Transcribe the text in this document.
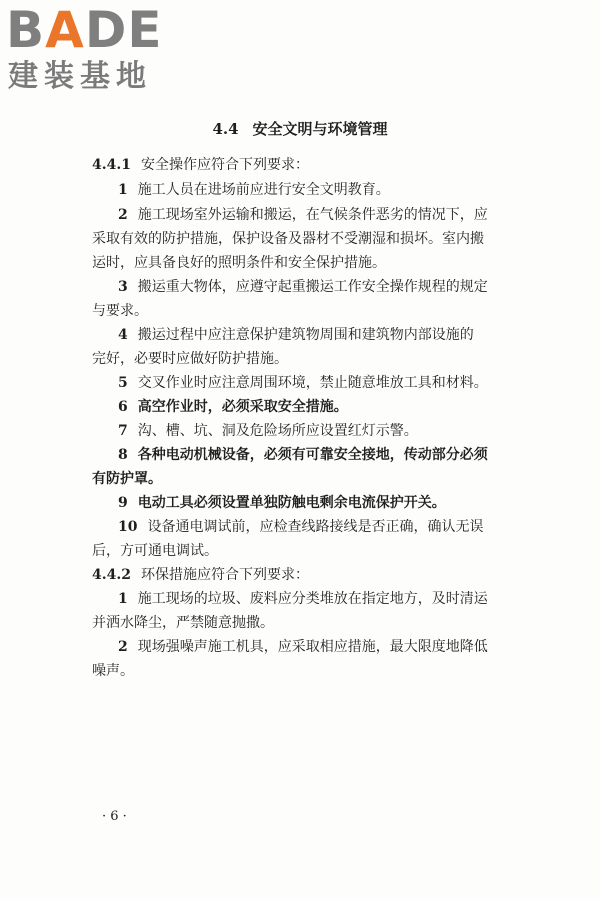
BADE
建装基地
4.4 安全文明与环境管理
4.4.1 安全操作应符合下列要求：
1 施工人员在进场前应进行安全文明教育。
2 施工现场室外运输和搬运，在气候条件恶劣的情况下，应
采取有效的防护措施，保护设备及器材不受潮湿和损坏。室内搬
运时，应具备良好的照明条件和安全保护措施。
3 搬运重大物体，应遵守起重搬运工作安全操作规程的规定
与要求。
4 搬运过程中应注意保护建筑物周围和建筑物内部设施的
完好，必要时应做好防护措施。
5 交叉作业时应注意周围环境，禁止随意堆放工具和材料。
6 高空作业时，必须采取安全措施。
7 沟、槽、坑、洞及危险场所应设置红灯示警。
8 各种电动机械设备，必须有可靠安全接地，传动部分必须
有防护罩。
9 电动工具必须设置单独防触电剩余电流保护开关。
10 设备通电调试前，应检查线路接线是否正确，确认无误
后，方可通电调试。
4.4.2 环保措施应符合下列要求：
1 施工现场的垃圾、废料应分类堆放在指定地方，及时清运
并洒水降尘，严禁随意抛撒。
2 现场强噪声施工机具，应采取相应措施，最大限度地降低
噪声。
· 6 ·
